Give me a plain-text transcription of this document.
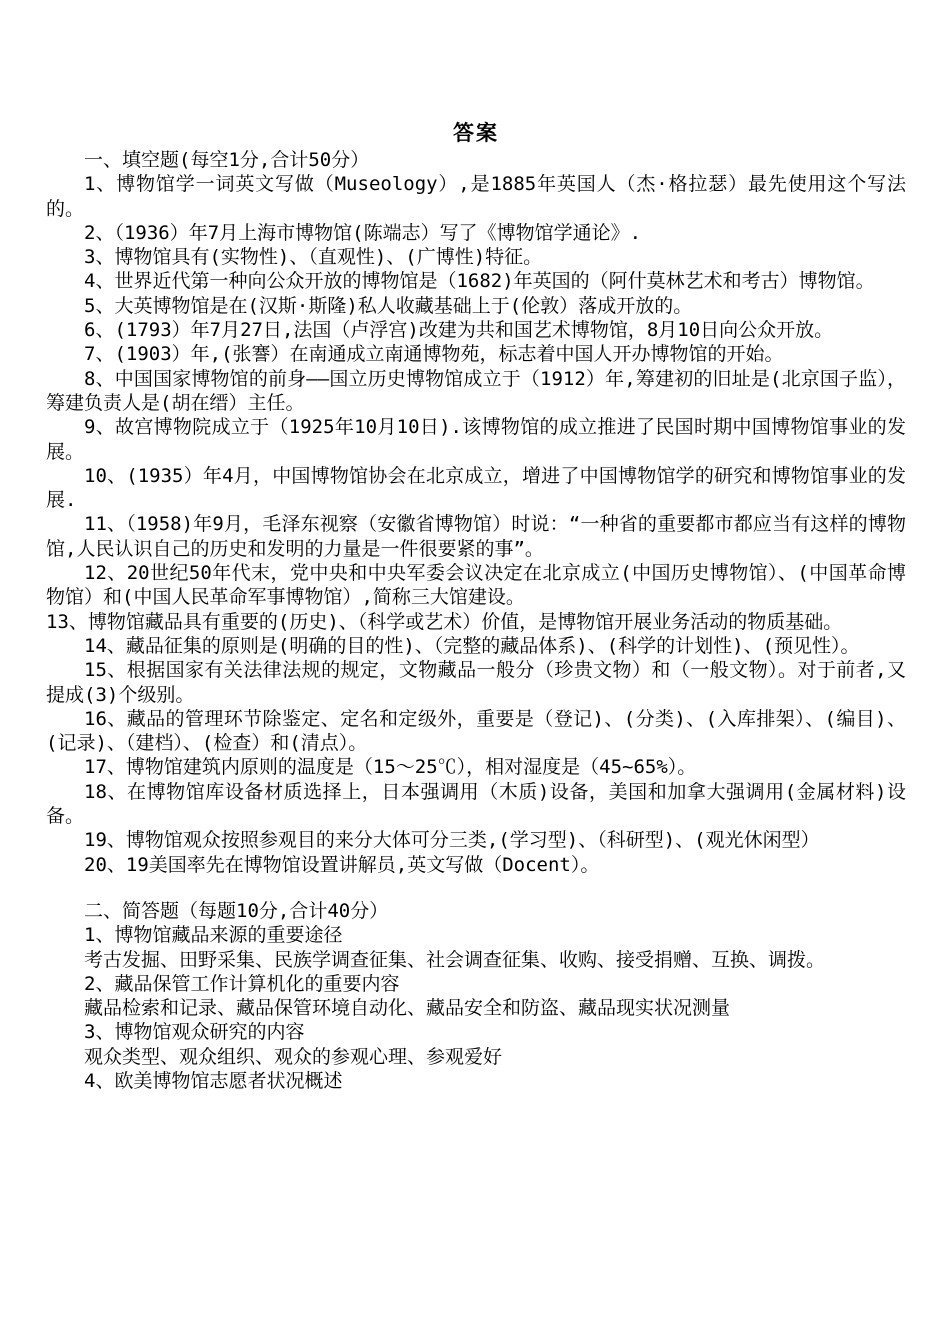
答案

一、填空题(每空1分,合计50分）

1、博物馆学一词英文写做（Museology）,是1885年英国人（杰·格拉瑟）最先使用这个写法的。

2、（1936）年7月上海市博物馆(陈端志）写了《博物馆学通论》.

3、博物馆具有(实物性)、（直观性)、(广博性)特征。

4、世界近代第一种向公众开放的博物馆是（1682)年英国的（阿什莫林艺术和考古）博物馆。

5、大英博物馆是在(汉斯·斯隆)私人收藏基础上于(伦敦）落成开放的。

6、(1793）年7月27日,法国（卢浮宫)改建为共和国艺术博物馆，8月10日向公众开放。

7、(1903）年,(张謇）在南通成立南通博物苑，标志着中国人开办博物馆的开始。

8、中国国家博物馆的前身——国立历史博物馆成立于（1912）年,筹建初的旧址是(北京国子监），筹建负责人是(胡在缙）主任。

9、故宫博物院成立于（1925年10月10日).该博物馆的成立推进了民国时期中国博物馆事业的发展。

10、(1935）年4月，中国博物馆协会在北京成立，增进了中国博物馆学的研究和博物馆事业的发展.

11、（1958)年9月，毛泽东视察（安徽省博物馆）时说：“一种省的重要都市都应当有这样的博物馆,人民认识自己的历史和发明的力量是一件很要紧的事”。

12、20世纪50年代末，党中央和中央军委会议决定在北京成立(中国历史博物馆）、(中国革命博物馆）和(中国人民革命军事博物馆）,简称三大馆建设。

13、博物馆藏品具有重要的(历史)、（科学或艺术）价值，是博物馆开展业务活动的物质基础。

14、藏品征集的原则是(明确的目的性)、（完整的藏品体系)、(科学的计划性)、(预见性）。

15、根据国家有关法律法规的规定，文物藏品一般分（珍贵文物）和（一般文物）。对于前者,又提成(3)个级别。

16、藏品的管理环节除鉴定、定名和定级外，重要是（登记)、(分类)、(入库排架）、(编目)、(记录)、（建档）、(检查）和(清点）。

17、博物馆建筑内原则的温度是（15～25℃），相对湿度是（45~65%）。

18、在博物馆库设备材质选择上，日本强调用（木质)设备，美国和加拿大强调用(金属材料)设备。

19、博物馆观众按照参观目的来分大体可分三类,(学习型)、（科研型)、(观光休闲型）

20、19美国率先在博物馆设置讲解员,英文写做（Docent）。

二、简答题（每题10分,合计40分）

1、博物馆藏品来源的重要途径

考古发掘、田野采集、民族学调查征集、社会调查征集、收购、接受捐赠、互换、调拨。

2、藏品保管工作计算机化的重要内容

藏品检索和记录、藏品保管环境自动化、藏品安全和防盗、藏品现实状况测量

3、博物馆观众研究的内容

观众类型、观众组织、观众的参观心理、参观爱好

4、欧美博物馆志愿者状况概述
